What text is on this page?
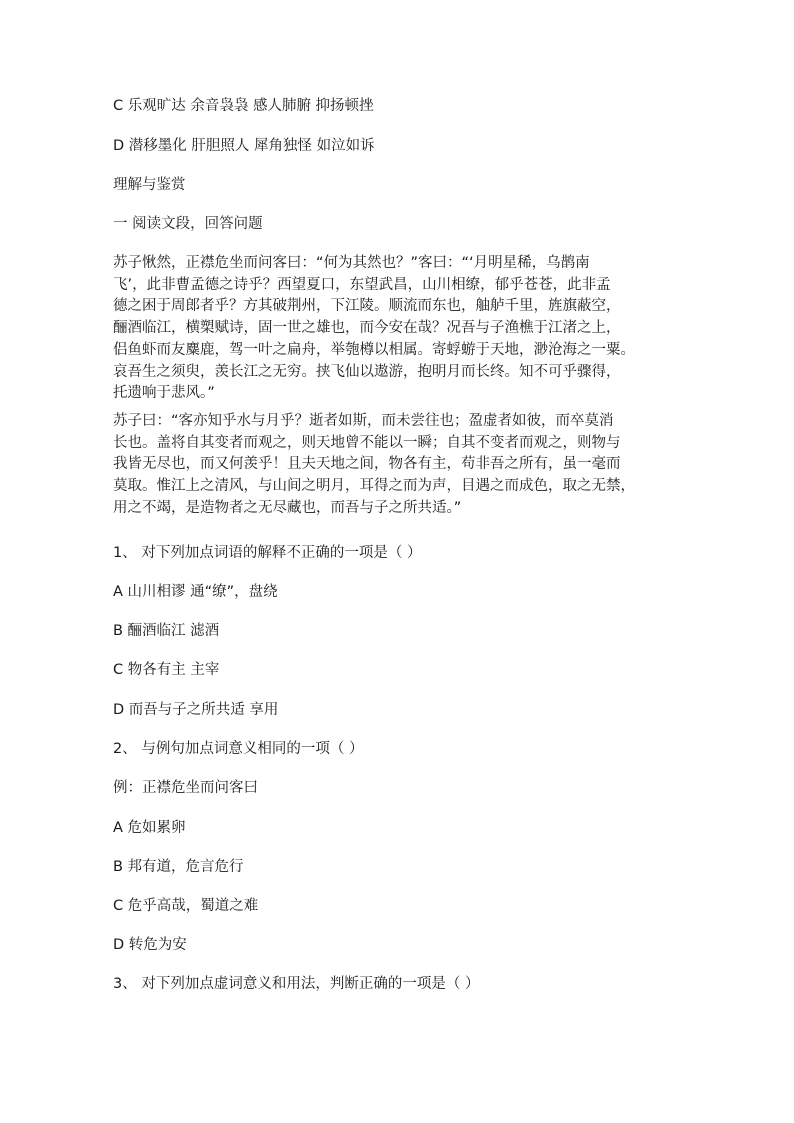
C 乐观旷达 余音袅袅 感人肺腑 抑扬顿挫
D 潜移墨化 肝胆照人 犀角独怪 如泣如诉
理解与鉴赏
一 阅读文段，回答问题
苏子愀然，正襟危坐而问客曰：“何为其然也？”客曰：“‘月明星稀，乌鹊南
飞’，此非曹孟德之诗乎？西望夏口，东望武昌，山川相缭，郁乎苍苍，此非孟
德之困于周郎者乎？方其破荆州，下江陵。顺流而东也，舳舻千里，旌旗蔽空，
酾酒临江，横槊赋诗，固一世之雄也，而今安在哉？况吾与子渔樵于江渚之上，
侣鱼虾而友麋鹿，驾一叶之扁舟，举匏樽以相属。寄蜉蝣于天地，渺沧海之一粟。
哀吾生之须臾，羡长江之无穷。挟飞仙以遨游，抱明月而长终。知不可乎骤得，
托遗响于悲风。”
苏子曰：“客亦知乎水与月乎？逝者如斯，而未尝往也；盈虚者如彼，而卒莫消
长也。盖将自其变者而观之，则天地曾不能以一瞬；自其不变者而观之，则物与
我皆无尽也，而又何羡乎！且夫天地之间，物各有主，苟非吾之所有，虽一毫而
莫取。惟江上之清风，与山间之明月，耳得之而为声，目遇之而成色，取之无禁，
用之不竭，是造物者之无尽藏也，而吾与子之所共适。”
1、 对下列加点词语的解释不正确的一项是（ ）
A 山川相谬 通“缭”，盘绕
B 酾酒临江 滤酒
C 物各有主 主宰
D 而吾与子之所共适 享用
2、 与例句加点词意义相同的一项（ ）
例：正襟危坐而问客曰
A 危如累卵
B 邦有道，危言危行
C 危乎高哉，蜀道之难
D 转危为安
3、 对下列加点虚词意义和用法，判断正确的一项是（ ）
